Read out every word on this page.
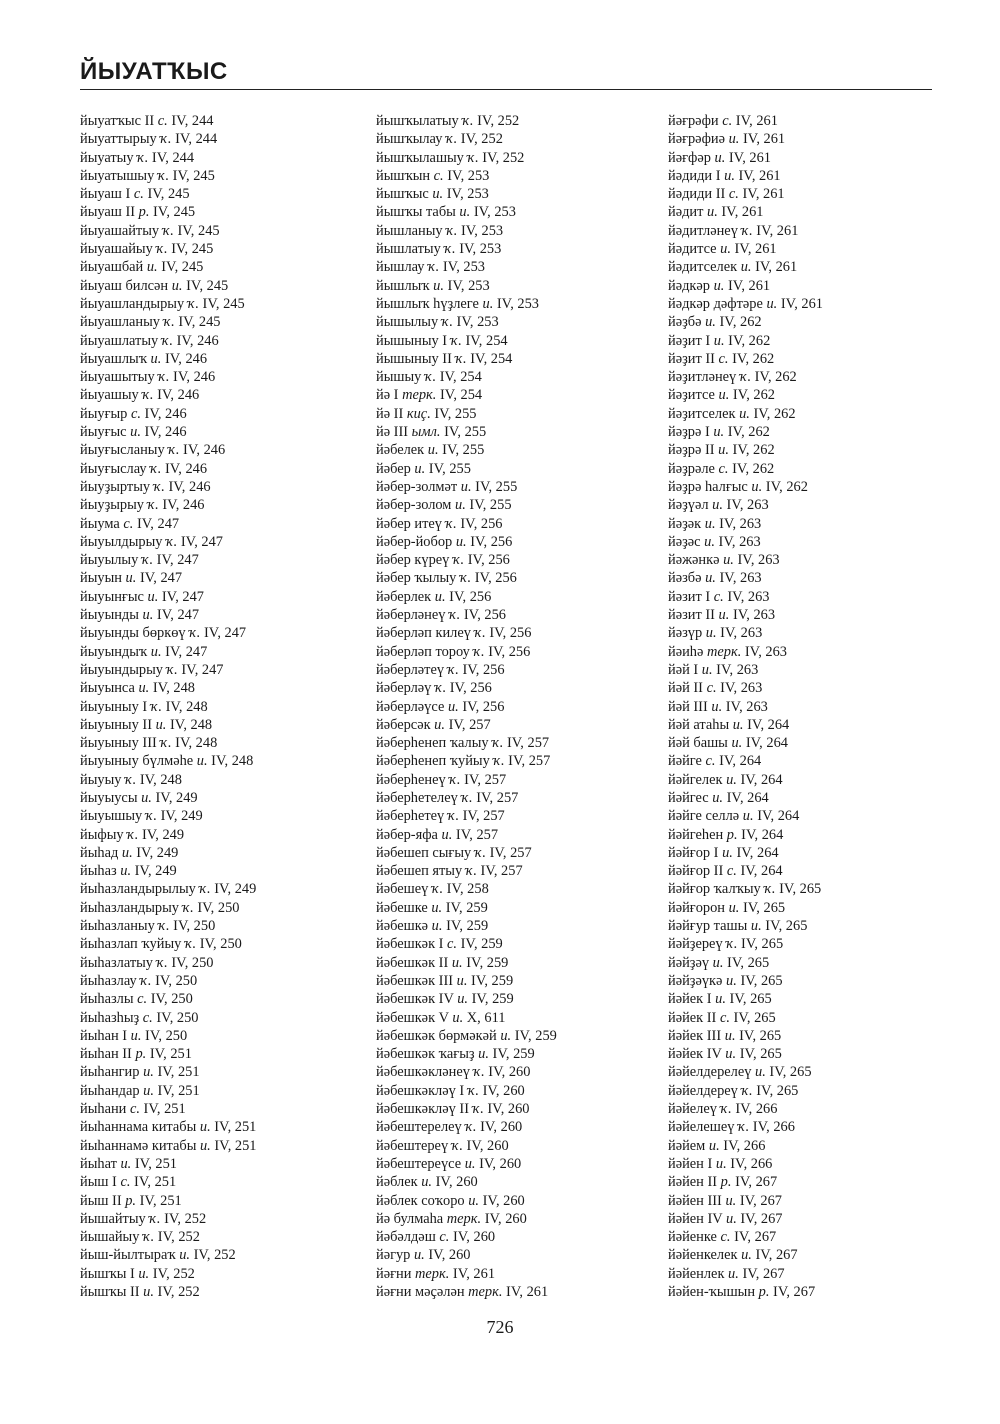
ЙЫУАТҠЫС
йыуатҡыс II с. IV, 244
йыуаттырыу ҡ. IV, 244
йыуатыу ҡ. IV, 244
йыуатышыу ҡ. IV, 245
йыуаш I с. IV, 245
йыуаш II р. IV, 245
йыуашайтыу ҡ. IV, 245
йыуашайыу ҡ. IV, 245
йыуашбай и. IV, 245
йыуаш билсән и. IV, 245
йыуашландырыу ҡ. IV, 245
йыуашланыу ҡ. IV, 245
йыуашлатыу ҡ. IV, 246
йыуашлыҡ и. IV, 246
йыуашытыу ҡ. IV, 246
йыуашыу ҡ. IV, 246
йыуғыр с. IV, 246
йыуғыс и. IV, 246
йыуғысланыу ҡ. IV, 246
йыуғыслау ҡ. IV, 246
йыуҙыртыу ҡ. IV, 246
йыуҙырыу ҡ. IV, 246
йыума с. IV, 247
йыуылдырыу ҡ. IV, 247
йыуылыу ҡ. IV, 247
йыуын и. IV, 247
йыуынғыс и. IV, 247
йыуынды и. IV, 247
йыуынды бөркөү ҡ. IV, 247
йыуындыҡ и. IV, 247
йыуындырыу ҡ. IV, 247
йыуынса и. IV, 248
йыуыныу I ҡ. IV, 248
йыуыныу II и. IV, 248
йыуыныу III ҡ. IV, 248
йыуыныу бүлмәһе и. IV, 248
йыуыу ҡ. IV, 248
йыуыусы и. IV, 249
йыуышыу ҡ. IV, 249
йыфыу ҡ. IV, 249
йыһад и. IV, 249
йыһаз и. IV, 249
йыһазландырылыу ҡ. IV, 249
йыһазландырыу ҡ. IV, 250
йыһазланыу ҡ. IV, 250
йыһазлап ҡуйыу ҡ. IV, 250
йыһазлатыу ҡ. IV, 250
йыһазлау ҡ. IV, 250
йыһазлы с. IV, 250
йыһазһыҙ с. IV, 250
йыһан I и. IV, 250
йыһан II р. IV, 251
йыһангир и. IV, 251
йыһандар и. IV, 251
йыһани с. IV, 251
йыһаннама китабы и. IV, 251
йыһаннамә китабы и. IV, 251
йыһат и. IV, 251
йыш I с. IV, 251
йыш II р. IV, 251
йышайтыу ҡ. IV, 252
йышайыу ҡ. IV, 252
йыш-йылтыраҡ и. IV, 252
йышҡы I и. IV, 252
йышҡы II и. IV, 252
йышҡылатыу ҡ. IV, 252
йышҡылау ҡ. IV, 252
йышҡылашыу ҡ. IV, 252
йышҡын с. IV, 253
йышҡыс и. IV, 253
йышҡы табы и. IV, 253
йышланыу ҡ. IV, 253
йышлатыу ҡ. IV, 253
йышлау ҡ. IV, 253
йышлыҡ и. IV, 253
йышлыҡ һүҙлеге и. IV, 253
йышылыу ҡ. IV, 253
йышыныу I ҡ. IV, 254
йышыныу II ҡ. IV, 254
йышыу ҡ. IV, 254
йә I терк. IV, 254
йә II киҫ. IV, 255
йә III ымл. IV, 255
йәбелек и. IV, 255
йәбер и. IV, 255
йәбер-золмәт и. IV, 255
йәбер-золом и. IV, 255
йәбер итеү ҡ. IV, 256
йәбер-йобор и. IV, 256
йәбер күреү ҡ. IV, 256
йәбер ҡылыу ҡ. IV, 256
йәберлек и. IV, 256
йәберләнеү ҡ. IV, 256
йәберләп килеү ҡ. IV, 256
йәберләп тороу ҡ. IV, 256
йәберләтеү ҡ. IV, 256
йәберләү ҡ. IV, 256
йәберләүсе и. IV, 256
йәберсәк и. IV, 257
йәберһенеп ҡалыу ҡ. IV, 257
йәберһенеп ҡуйыу ҡ. IV, 257
йәберһенеү ҡ. IV, 257
йәберһетелеү ҡ. IV, 257
йәберһетеү ҡ. IV, 257
йәбер-яфа и. IV, 257
йәбешеп сығыу ҡ. IV, 257
йәбешеп ятыу ҡ. IV, 257
йәбешеү ҡ. IV, 258
йәбешке и. IV, 259
йәбешкә и. IV, 259
йәбешкәк I с. IV, 259
йәбешкәк II и. IV, 259
йәбешкәк III и. IV, 259
йәбешкәк IV и. IV, 259
йәбешкәк V и. X, 611
йәбешкәк бөрмәкәй и. IV, 259
йәбешкәк ҡағыҙ и. IV, 259
йәбешкәкләнеү ҡ. IV, 260
йәбешкәкләү I ҡ. IV, 260
йәбешкәкләү II ҡ. IV, 260
йәбештерелеү ҡ. IV, 260
йәбештереү ҡ. IV, 260
йәбештереүсе и. IV, 260
йәблек и. IV, 260
йәблек соҡоро и. IV, 260
йә булмаһа терк. IV, 260
йәбәлдәш с. IV, 260
йәгур и. IV, 260
йәғни терк. IV, 261
йәғни мәҫәлән терк. IV, 261
йәғрәфи с. IV, 261
йәғрәфиә и. IV, 261
йәғфәр и. IV, 261
йәдиди I и. IV, 261
йәдиди II с. IV, 261
йәдит и. IV, 261
йәдитләнеү ҡ. IV, 261
йәдитсе и. IV, 261
йәдитселек и. IV, 261
йәдкәр и. IV, 261
йәдкәр дәфтәре и. IV, 261
йәҙбә и. IV, 262
йәҙит I и. IV, 262
йәҙит II с. IV, 262
йәҙитләнеү ҡ. IV, 262
йәҙитсе и. IV, 262
йәҙитселек и. IV, 262
йәҙрә I и. IV, 262
йәҙрә II и. IV, 262
йәҙрәле с. IV, 262
йәҙрә һалғыс и. IV, 262
йәҙүәл и. IV, 263
йәҙәк и. IV, 263
йәҙәс и. IV, 263
йәжәнкә и. IV, 263
йәзбә и. IV, 263
йәзит I с. IV, 263
йәзит II и. IV, 263
йәзүр и. IV, 263
йәиһә терк. IV, 263
йәй I и. IV, 263
йәй II с. IV, 263
йәй III и. IV, 263
йәй атаһы и. IV, 264
йәй башы и. IV, 264
йәйге с. IV, 264
йәйгелек и. IV, 264
йәйгес и. IV, 264
йәйге селлә и. IV, 264
йәйгеһен р. IV, 264
йәйғор I и. IV, 264
йәйғор II с. IV, 264
йәйғор ҡалҡыу ҡ. IV, 265
йәйғорон и. IV, 265
йәйғур ташы и. IV, 265
йәйҙереү ҡ. IV, 265
йәйҙәү и. IV, 265
йәйҙәүкә и. IV, 265
йәйек I и. IV, 265
йәйек II с. IV, 265
йәйек III и. IV, 265
йәйек IV и. IV, 265
йәйелдерелеү и. IV, 265
йәйелдереү ҡ. IV, 265
йәйелеү ҡ. IV, 266
йәйелешеү ҡ. IV, 266
йәйем и. IV, 266
йәйен I и. IV, 266
йәйен II р. IV, 267
йәйен III и. IV, 267
йәйен IV и. IV, 267
йәйенке с. IV, 267
йәйенкелек и. IV, 267
йәйенлек и. IV, 267
йәйен-ҡышын р. IV, 267
726
